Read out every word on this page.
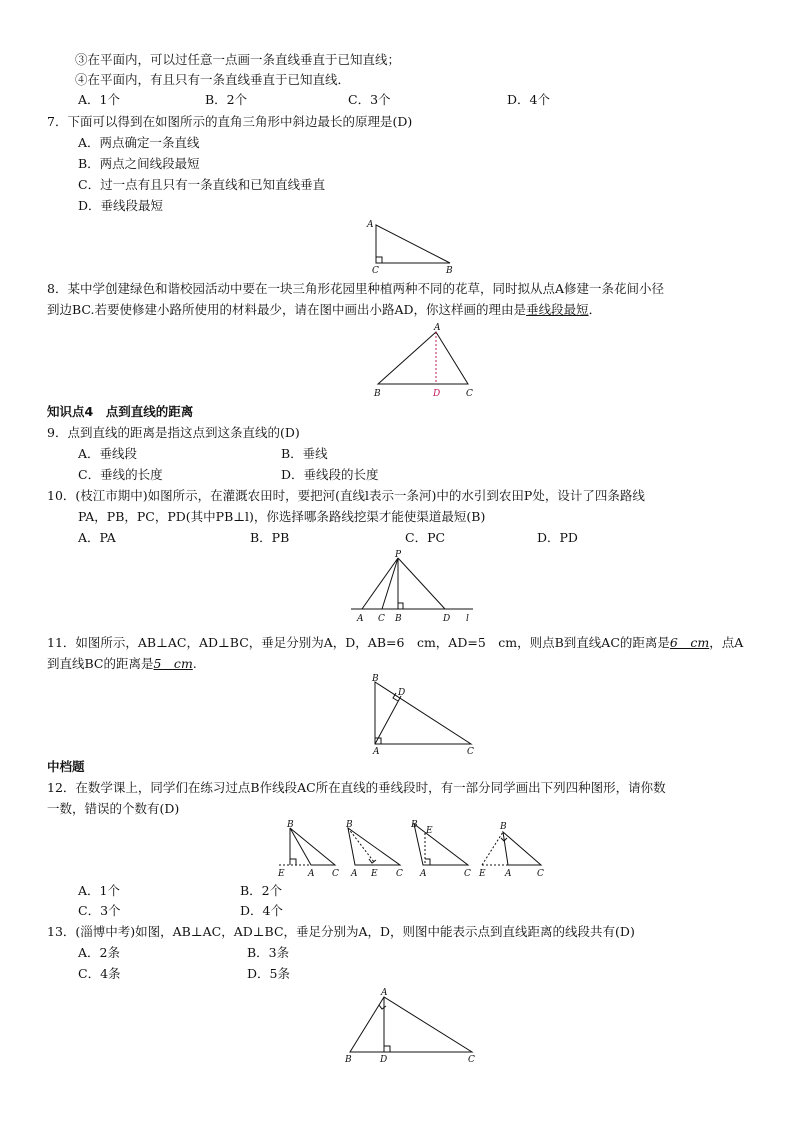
③在平面内，可以过任意一点画一条直线垂直于已知直线；
④在平面内，有且只有一条直线垂直于已知直线．
A．1个	B．2个	C．3个	D．4个
7．下面可以得到在如图所示的直角三角形中斜边最长的原理是(D)
A．两点确定一条直线
B．两点之间线段最短
C．过一点有且只有一条直线和已知直线垂直
D．垂线段最短
A
C	B
8．某中学创建绿色和谐校园活动中要在一块三角形花园里种植两种不同的花草，同时拟从点A修建一条花间小径
到边BC.若要使修建小路所使用的材料最少，请在图中画出小路AD，你这样画的理由是垂线段最短．
A
B	D	C
知识点4　点到直线的距离
9．点到直线的距离是指这点到这条直线的(D)
A．垂线段	B．垂线
C．垂线的长度	D．垂线段的长度
10．(枝江市期中)如图所示，在灌溉农田时，要把河(直线l表示一条河)中的水引到农田P处，设计了四条路线
PA，PB，PC，PD(其中PB⊥l)，你选择哪条路线挖渠才能使渠道最短(B)
A．PA	B．PB	C．PC	D．PD
P
A C B	D l
11．如图所示，AB⊥AC，AD⊥BC，垂足分别为A，D，AB=6　cm，AD=5　cm，则点B到直线AC的距离是6　cm，点A
到直线BC的距离是5　cm.
B
D
A	C
中档题
12．在数学课上，同学们在练习过点B作线段AC所在直线的垂线段时，有一部分同学画出下列四种图形，请你数
一数，错误的个数有(D)
B
E	A C
B
A E C
B
E
A	C
B
E A	C
A．1个	B．2个
C．3个	D．4个
13．(淄博中考)如图，AB⊥AC，AD⊥BC，垂足分别为A，D，则图中能表示点到直线距离的线段共有(D)
A．2条	B．3条
C．4条	D．5条
A
B	D	C
